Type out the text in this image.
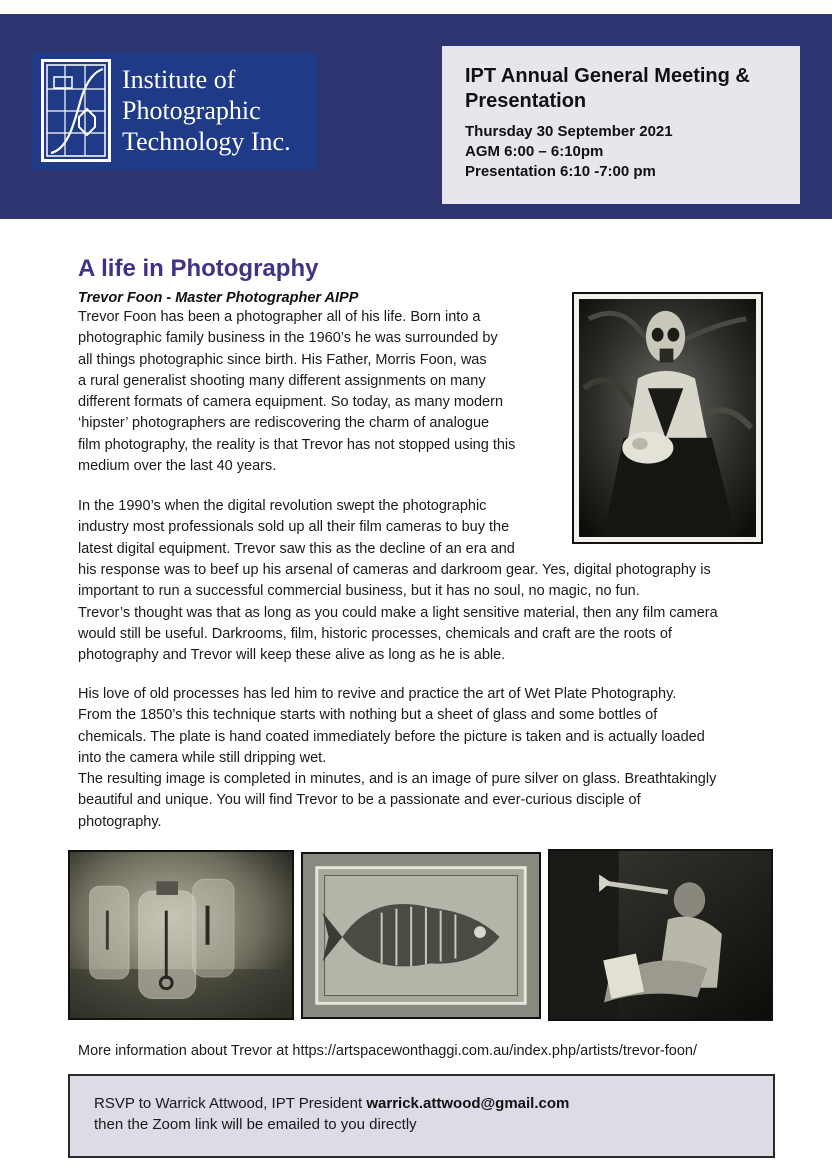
Institute of
Photographic
Technology Inc.

IPT Annual General Meeting &
Presentation

Thursday 30 September 2021

AGM 6:00 – 6:10pm

Presentation 6:10 -7:00 pm

A life in Photography

Trevor Foon - Master Photographer AIPP

Trevor Foon has been a photographer all of his life. Born into a
photographic family business in the 1960’s he was surrounded by
all things photographic since birth. His Father, Morris Foon, was
a rural generalist shooting many different assignments on many
different formats of camera equipment. So today, as many modern
‘hipster’ photographers are rediscovering the charm of analogue
film photography, the reality is that Trevor has not stopped using this
medium over the last 40 years.

In the 1990’s when the digital revolution swept the photographic
industry most professionals sold up all their film cameras to buy the
latest digital equipment. Trevor saw this as the decline of an era and

his response was to beef up his arsenal of cameras and darkroom gear. Yes, digital photography is
important to run a successful commercial business, but it has no soul, no magic, no fun.
Trevor’s thought was that as long as you could make a light sensitive material, then any film camera
would still be useful. Darkrooms, film, historic processes, chemicals and craft are the roots of
photography and Trevor will keep these alive as long as he is able.

His love of old processes has led him to revive and practice the art of Wet Plate Photography.
From the 1850’s this technique starts with nothing but a sheet of glass and some bottles of
chemicals. The plate is hand coated immediately before the picture is taken and is actually loaded
into the camera while still dripping wet.
The resulting image is completed in minutes, and is an image of pure silver on glass. Breathtakingly
beautiful and unique. You will find Trevor to be a passionate and ever-curious disciple of
photography.

More information about Trevor at https://artspacewonthaggi.com.au/index.php/artists/trevor-foon/

RSVP to Warrick Attwood, IPT President warrick.attwood@gmail.com

then the Zoom link will be emailed to you directly
